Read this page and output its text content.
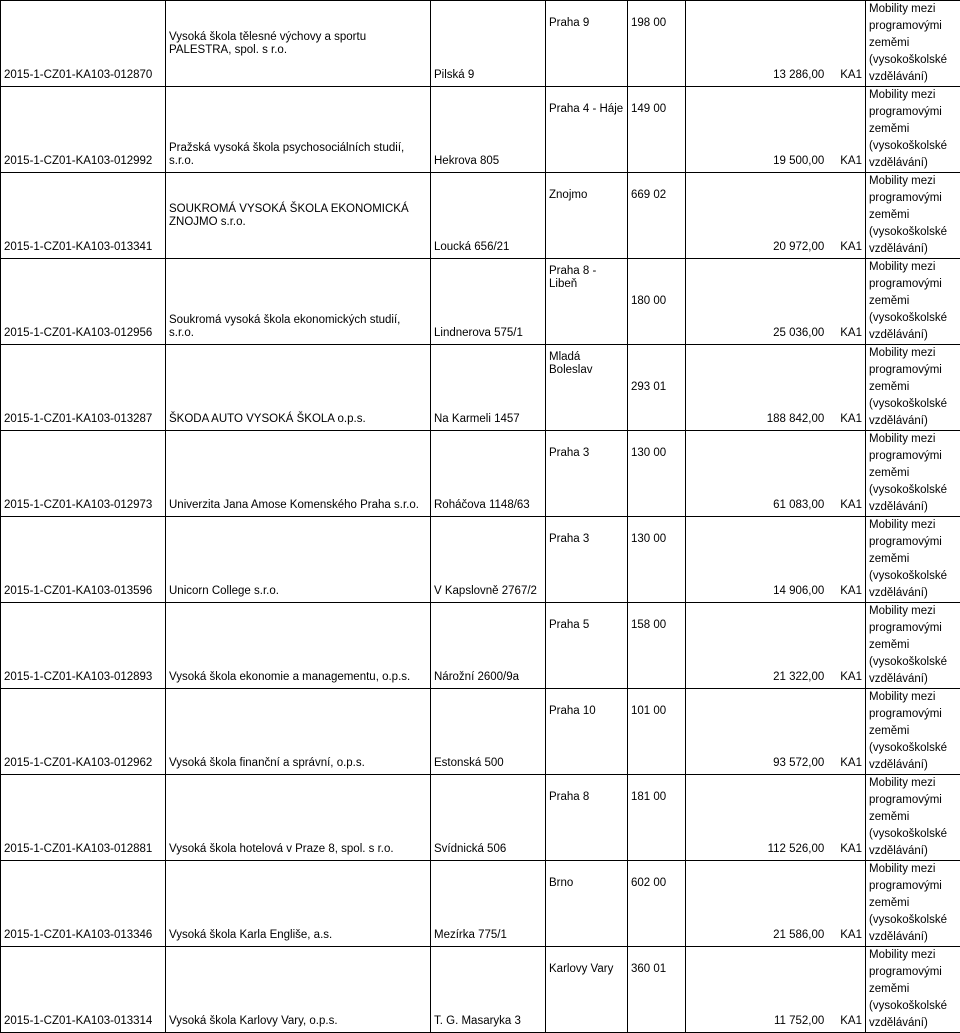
2015-1-CZ01-KA103-012870	Vysoká škola tělesné výchovy a sportu PALESTRA, spol. s r.o.	Pilská 9	Praha 9	198 00	13 286,00 KA1	Mobility mezi programovými zeměmi (vysokoškolské vzdělávání)
2015-1-CZ01-KA103-012992	Pražská vysoká škola psychosociálních studií, s.r.o.	Hekrova 805	Praha 4 - Háje	149 00	19 500,00 KA1	Mobility mezi programovými zeměmi (vysokoškolské vzdělávání)
2015-1-CZ01-KA103-013341	SOUKROMÁ VYSOKÁ ŠKOLA EKONOMICKÁ ZNOJMO s.r.o.	Loucká 656/21	Znojmo	669 02	20 972,00 KA1	Mobility mezi programovými zeměmi (vysokoškolské vzdělávání)
2015-1-CZ01-KA103-012956	Soukromá vysoká škola ekonomických studií, s.r.o.	Lindnerova 575/1	Praha 8 - Libeň	180 00	25 036,00 KA1	Mobility mezi programovými zeměmi (vysokoškolské vzdělávání)
2015-1-CZ01-KA103-013287	ŠKODA AUTO VYSOKÁ ŠKOLA o.p.s.	Na Karmeli 1457	Mladá Boleslav	293 01	188 842,00 KA1	Mobility mezi programovými zeměmi (vysokoškolské vzdělávání)
2015-1-CZ01-KA103-012973	Univerzita Jana Amose Komenského Praha s.r.o.	Roháčova 1148/63	Praha 3	130 00	61 083,00 KA1	Mobility mezi programovými zeměmi (vysokoškolské vzdělávání)
2015-1-CZ01-KA103-013596	Unicorn College s.r.o.	V Kapslovně 2767/2	Praha 3	130 00	14 906,00 KA1	Mobility mezi programovými zeměmi (vysokoškolské vzdělávání)
2015-1-CZ01-KA103-012893	Vysoká škola ekonomie a managementu, o.p.s.	Nárožní 2600/9a	Praha 5	158 00	21 322,00 KA1	Mobility mezi programovými zeměmi (vysokoškolské vzdělávání)
2015-1-CZ01-KA103-012962	Vysoká škola finanční a správní, o.p.s.	Estonská 500	Praha 10	101 00	93 572,00 KA1	Mobility mezi programovými zeměmi (vysokoškolské vzdělávání)
2015-1-CZ01-KA103-012881	Vysoká škola hotelová v Praze 8, spol. s r.o.	Svídnická 506	Praha 8	181 00	112 526,00 KA1	Mobility mezi programovými zeměmi (vysokoškolské vzdělávání)
2015-1-CZ01-KA103-013346	Vysoká škola Karla Engliše, a.s.	Mezírka 775/1	Brno	602 00	21 586,00 KA1	Mobility mezi programovými zeměmi (vysokoškolské vzdělávání)
2015-1-CZ01-KA103-013314	Vysoká škola Karlovy Vary, o.p.s.	T. G. Masaryka 3	Karlovy Vary	360 01	11 752,00 KA1	Mobility mezi programovými zeměmi (vysokoškolské vzdělávání)
